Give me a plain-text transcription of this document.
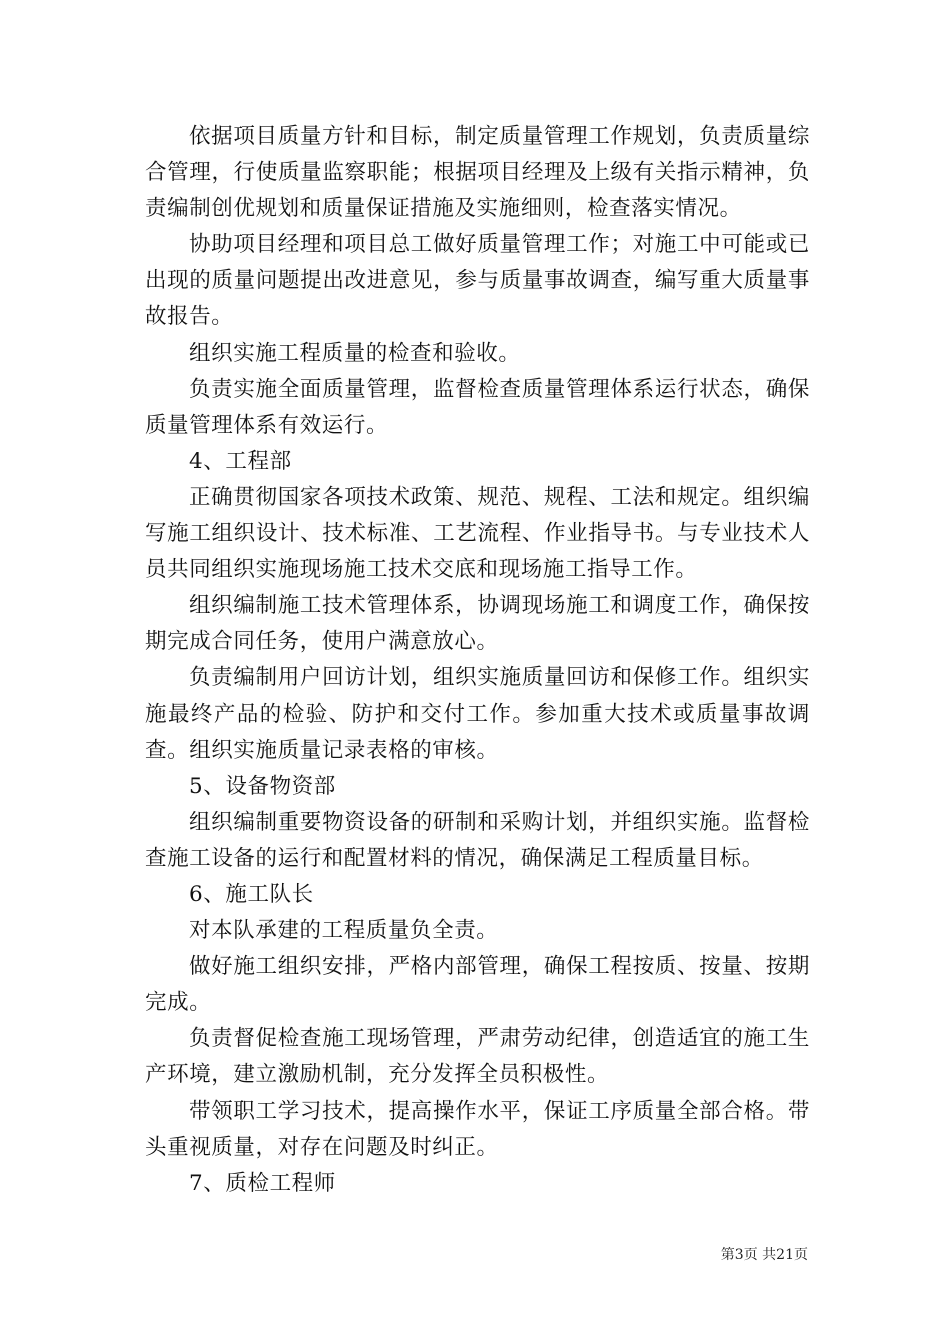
依据项目质量方针和目标，制定质量管理工作规划，负责质量综合管理，行使质量监察职能；根据项目经理及上级有关指示精神，负责编制创优规划和质量保证措施及实施细则，检查落实情况。

协助项目经理和项目总工做好质量管理工作；对施工中可能或已出现的质量问题提出改进意见，参与质量事故调查，编写重大质量事故报告。

组织实施工程质量的检查和验收。

负责实施全面质量管理，监督检查质量管理体系运行状态，确保质量管理体系有效运行。

4、工程部

正确贯彻国家各项技术政策、规范、规程、工法和规定。组织编写施工组织设计、技术标准、工艺流程、作业指导书。与专业技术人员共同组织实施现场施工技术交底和现场施工指导工作。

组织编制施工技术管理体系，协调现场施工和调度工作，确保按期完成合同任务，使用户满意放心。

负责编制用户回访计划，组织实施质量回访和保修工作。组织实施最终产品的检验、防护和交付工作。参加重大技术或质量事故调查。组织实施质量记录表格的审核。

5、设备物资部

组织编制重要物资设备的研制和采购计划，并组织实施。监督检查施工设备的运行和配置材料的情况，确保满足工程质量目标。

6、施工队长

对本队承建的工程质量负全责。

做好施工组织安排，严格内部管理，确保工程按质、按量、按期完成。

负责督促检查施工现场管理，严肃劳动纪律，创造适宜的施工生产环境，建立激励机制，充分发挥全员积极性。

带领职工学习技术，提高操作水平，保证工序质量全部合格。带头重视质量，对存在问题及时纠正。

7、质检工程师

第3页 共21页
